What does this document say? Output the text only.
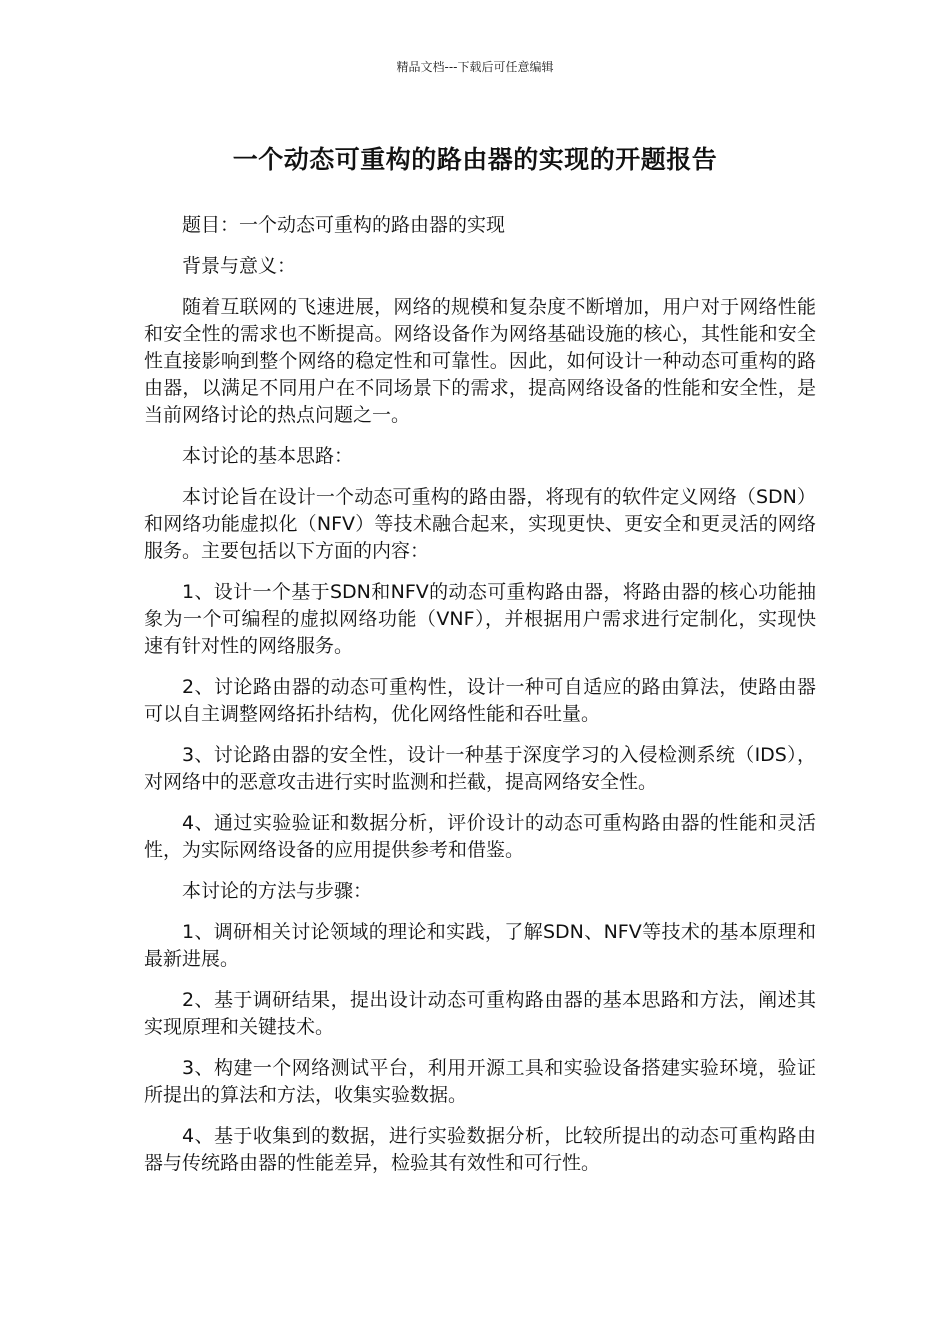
精品文档---下载后可任意编辑
一个动态可重构的路由器的实现的开题报告

题目：一个动态可重构的路由器的实现

背景与意义：

随着互联网的飞速进展，网络的规模和复杂度不断增加，用户对于网络性能和安全性的需求也不断提高。网络设备作为网络基础设施的核心，其性能和安全性直接影响到整个网络的稳定性和可靠性。因此，如何设计一种动态可重构的路由器，以满足不同用户在不同场景下的需求，提高网络设备的性能和安全性，是当前网络讨论的热点问题之一。

本讨论的基本思路：

本讨论旨在设计一个动态可重构的路由器，将现有的软件定义网络（SDN）和网络功能虚拟化（NFV）等技术融合起来，实现更快、更安全和更灵活的网络服务。主要包括以下方面的内容：

1、设计一个基于SDN和NFV的动态可重构路由器，将路由器的核心功能抽象为一个可编程的虚拟网络功能（VNF），并根据用户需求进行定制化，实现快速有针对性的网络服务。

2、讨论路由器的动态可重构性，设计一种可自适应的路由算法，使路由器可以自主调整网络拓扑结构，优化网络性能和吞吐量。

3、讨论路由器的安全性，设计一种基于深度学习的入侵检测系统（IDS），对网络中的恶意攻击进行实时监测和拦截，提高网络安全性。

4、通过实验验证和数据分析，评价设计的动态可重构路由器的性能和灵活性，为实际网络设备的应用提供参考和借鉴。

本讨论的方法与步骤：

1、调研相关讨论领域的理论和实践，了解SDN、NFV等技术的基本原理和最新进展。

2、基于调研结果，提出设计动态可重构路由器的基本思路和方法，阐述其实现原理和关键技术。

3、构建一个网络测试平台，利用开源工具和实验设备搭建实验环境，验证所提出的算法和方法，收集实验数据。

4、基于收集到的数据，进行实验数据分析，比较所提出的动态可重构路由器与传统路由器的性能差异，检验其有效性和可行性。
